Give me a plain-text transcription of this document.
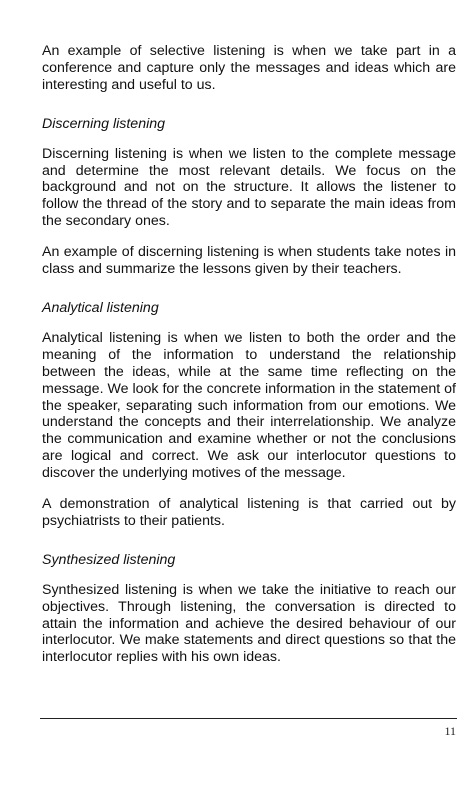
An example of selective listening is when we take part in a conference and capture only the messages and ideas which are interesting and useful to us.

Discerning listening

Discerning listening is when we listen to the complete message and determine the most relevant details. We focus on the background and not on the structure. It allows the listener to follow the thread of the story and to separate the main ideas from the secondary ones.

An example of discerning listening is when students take notes in class and summarize the lessons given by their teachers.

Analytical listening

Analytical listening is when we listen to both the order and the meaning of the information to understand the relationship between the ideas, while at the same time reflecting on the message. We look for the concrete information in the statement of the speaker, separating such information from our emotions. We understand the concepts and their interrelationship. We analyze the communication and examine whether or not the conclusions are logical and correct. We ask our interlocutor questions to discover the underlying motives of the message.

A demonstration of analytical listening is that carried out by psychiatrists to their patients.

Synthesized listening

Synthesized listening is when we take the initiative to reach our objectives. Through listening, the conversation is directed to attain the information and achieve the desired behaviour of our interlocutor. We make statements and direct questions so that the interlocutor replies with his own ideas.

11
